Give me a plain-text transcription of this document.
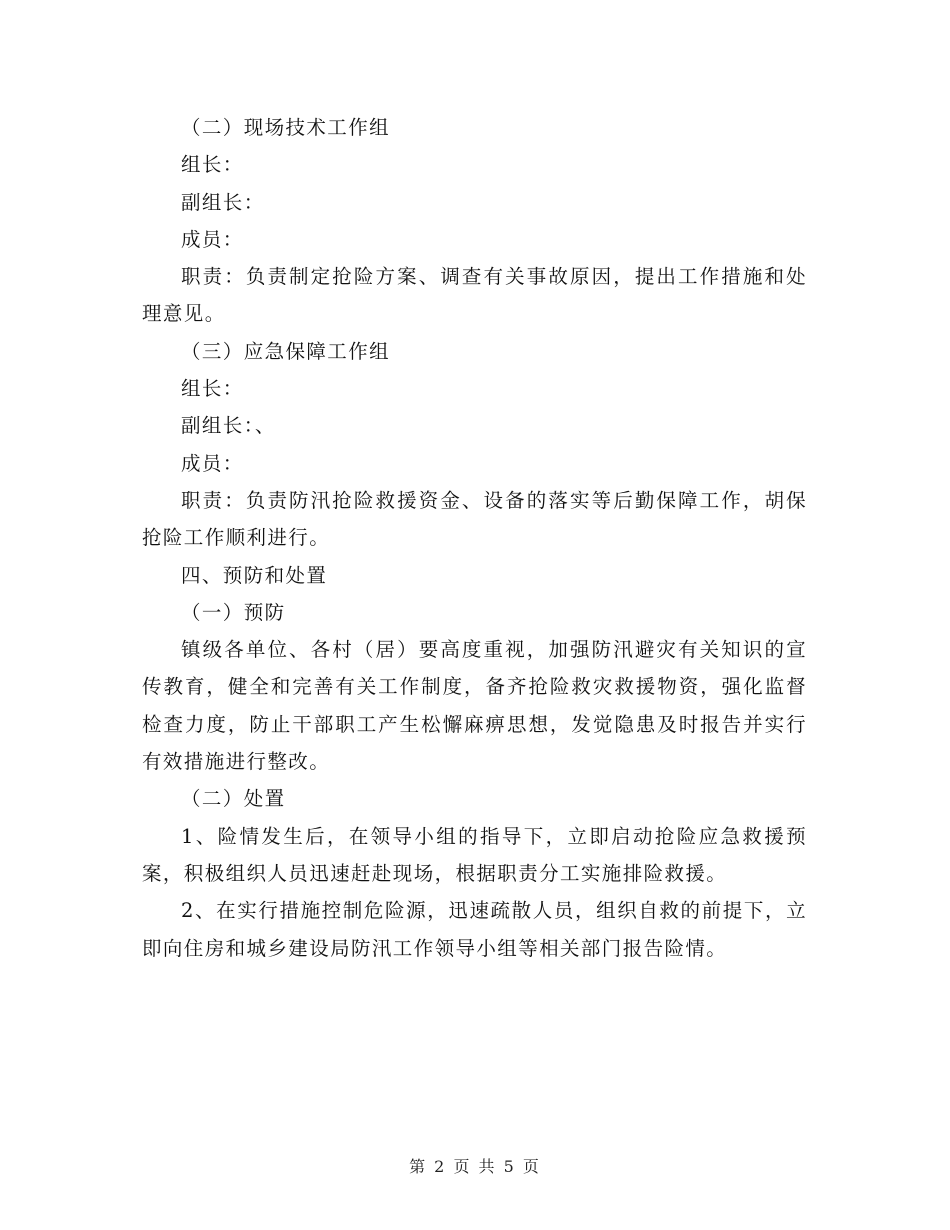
（二）现场技术工作组

组长：

副组长：

成员：

职责：负责制定抢险方案、调查有关事故原因，提出工作措施和处理意见。

（三）应急保障工作组

组长：

副组长：、

成员：

职责：负责防汛抢险救援资金、设备的落实等后勤保障工作，胡保抢险工作顺利进行。

四、预防和处置

（一）预防

镇级各单位、各村（居）要高度重视，加强防汛避灾有关知识的宣传教育，健全和完善有关工作制度，备齐抢险救灾救援物资，强化监督检查力度，防止干部职工产生松懈麻痹思想，发觉隐患及时报告并实行有效措施进行整改。

（二）处置

1、险情发生后，在领导小组的指导下，立即启动抢险应急救援预案，积极组织人员迅速赶赴现场，根据职责分工实施排险救援。

2、在实行措施控制危险源，迅速疏散人员，组织自救的前提下，立即向住房和城乡建设局防汛工作领导小组等相关部门报告险情。

第 2 页 共 5 页
